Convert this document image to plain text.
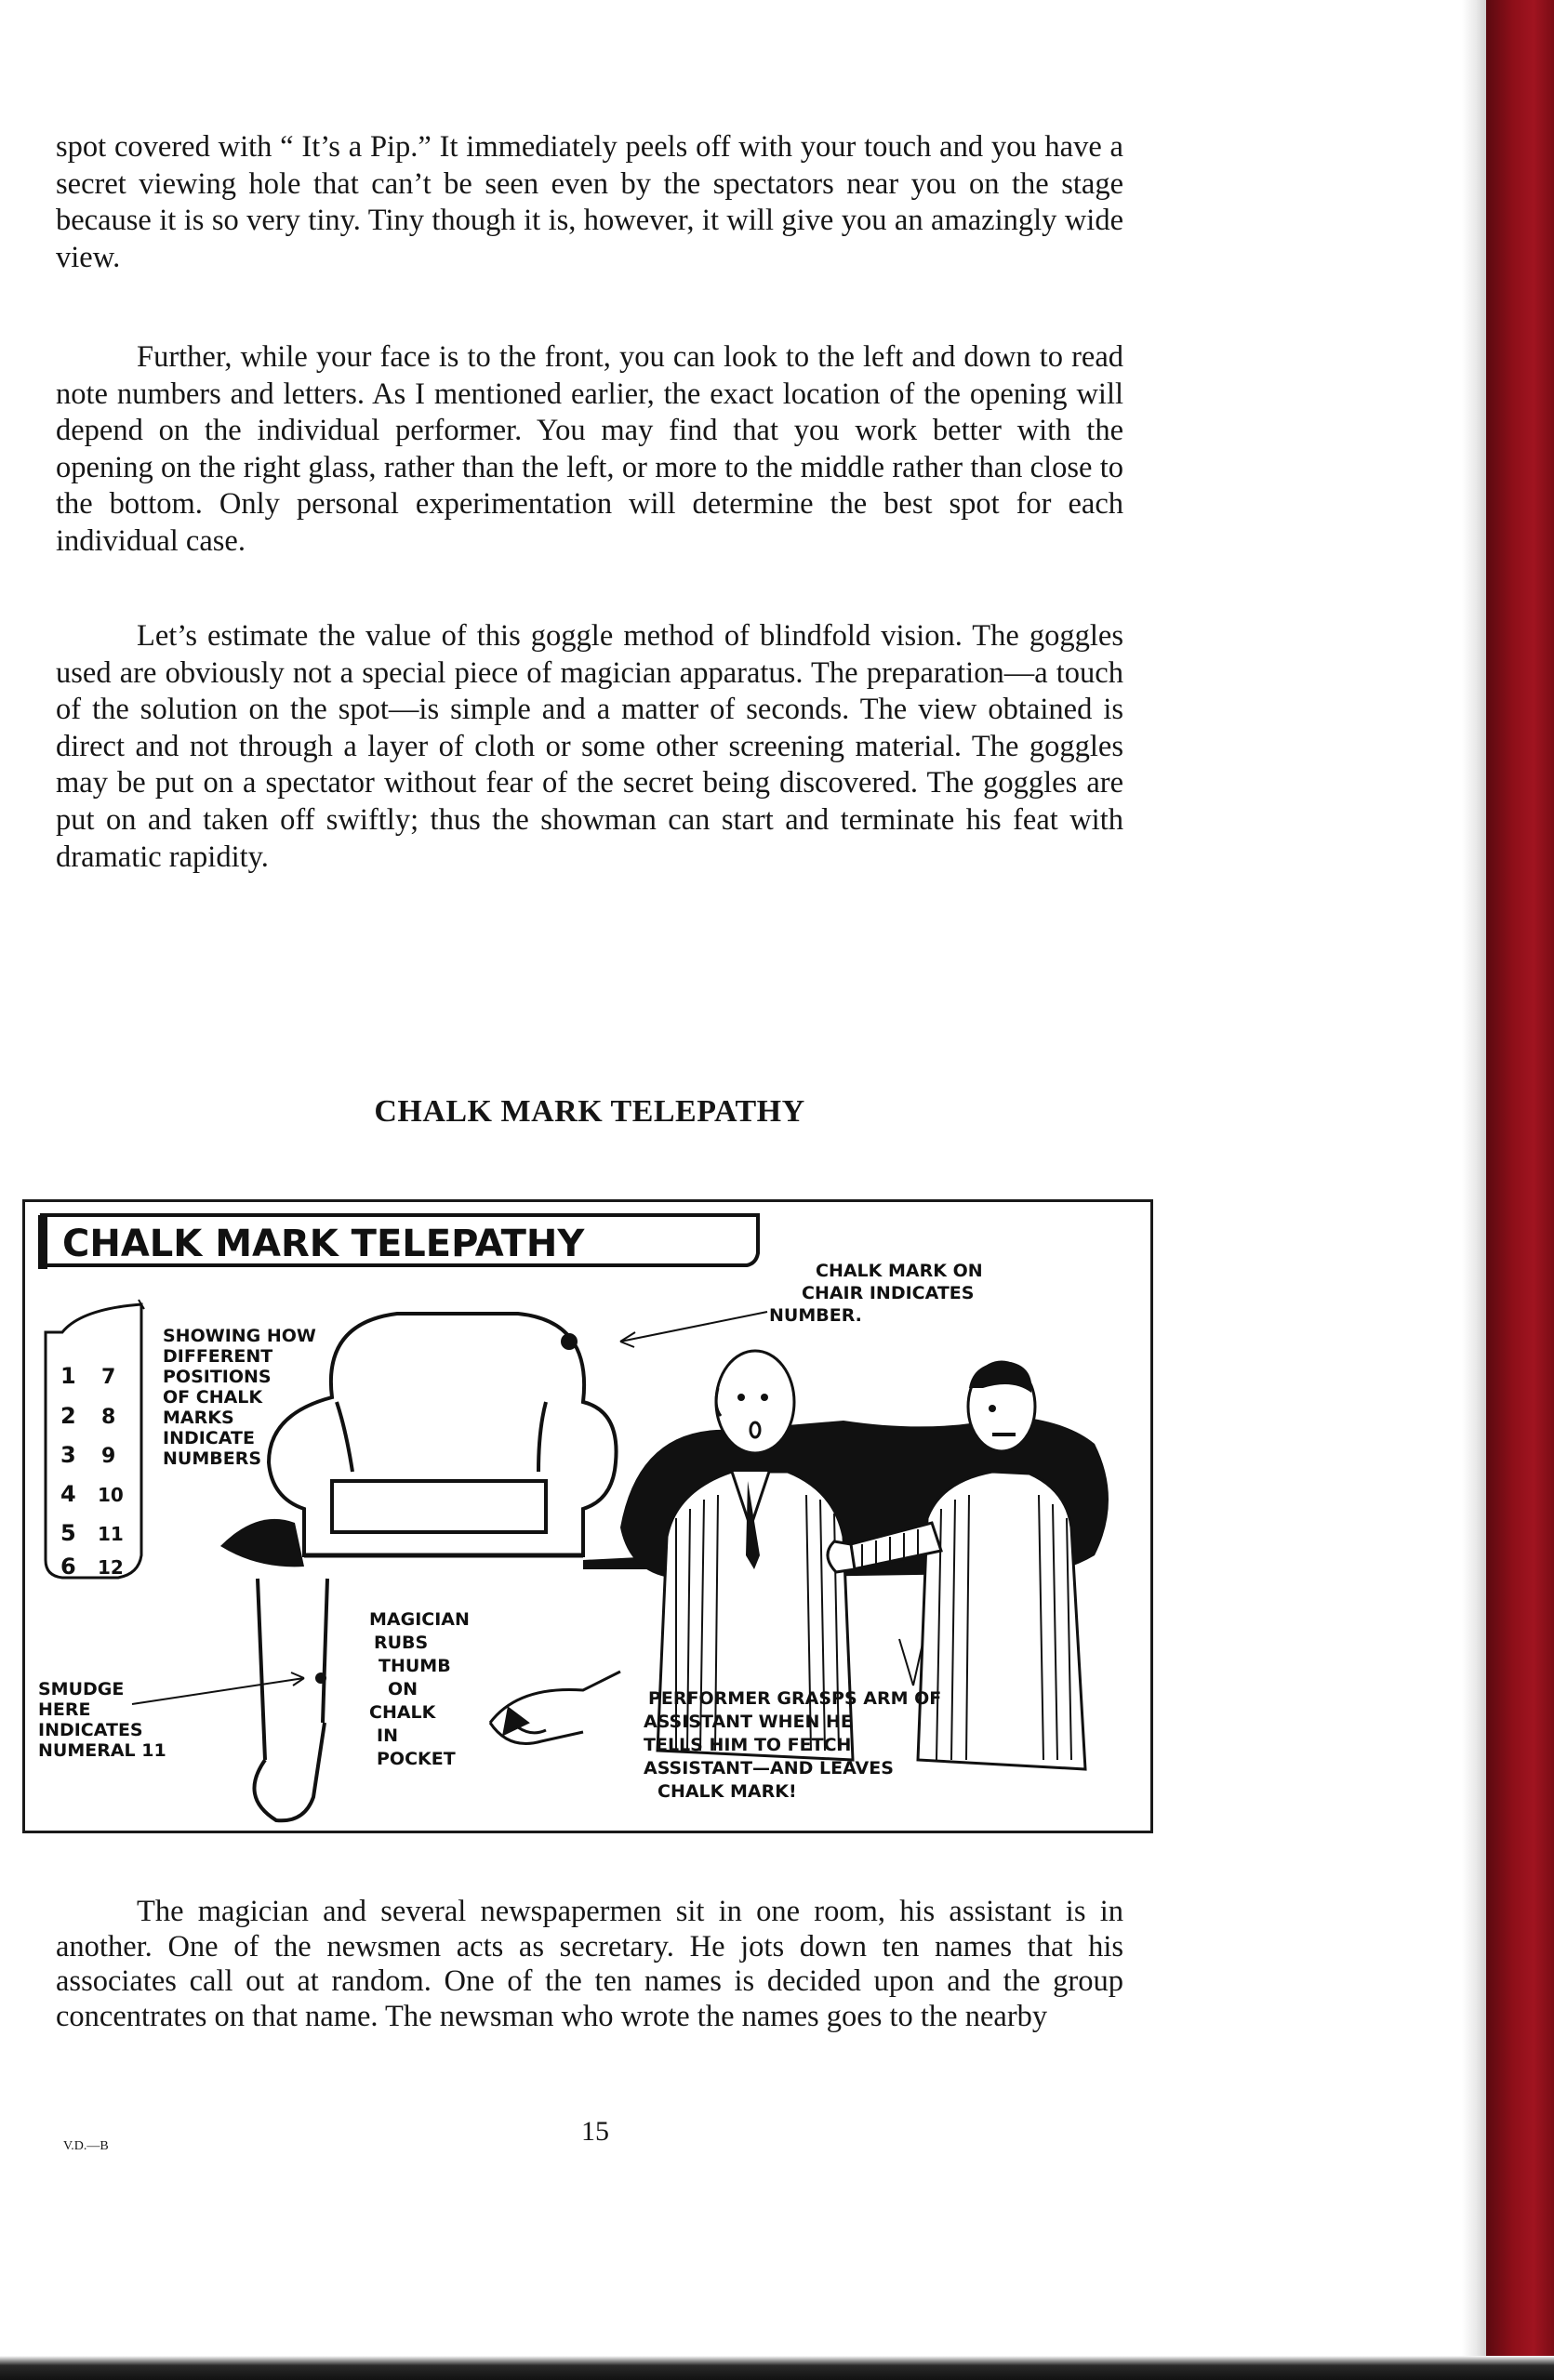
spot covered with “ It’s a Pip.” It immediately peels off with your touch and you have a secret viewing hole that can’t be seen even by the spectators near you on the stage because it is so very tiny. Tiny though it is, however, it will give you an amazingly wide view.

Further, while your face is to the front, you can look to the left and down to read note numbers and letters. As I mentioned earlier, the exact location of the opening will depend on the individual performer. You may find that you work better with the opening on the right glass, rather than the left, or more to the middle rather than close to the bottom. Only personal experimentation will determine the best spot for each individual case.

Let’s estimate the value of this goggle method of blindfold vision. The goggles used are obviously not a special piece of magician apparatus. The preparation—a touch of the solution on the spot—is simple and a matter of seconds. The view obtained is direct and not through a layer of cloth or some other screening material. The goggles may be put on a spectator without fear of the secret being discovered. The goggles are put on and taken off swiftly; thus the showman can start and terminate his feat with dramatic rapidity.

CHALK MARK TELEPATHY
CHALK MARK TELEPATHY
CHALK MARK ON
CHAIR INDICATES
NUMBER.
1
2
3
4
5
6
7
8
9
10
11
12
SHOWING HOW
DIFFERENT
POSITIONS
OF CHALK
MARKS
INDICATE
NUMBERS
SMUDGE
HERE
INDICATES
NUMERAL 11
MAGICIAN
RUBS
THUMB
ON
CHALK
IN
POCKET
PERFORMER GRASPS ARM OF
ASSISTANT WHEN HE
TELLS HIM TO FETCH
ASSISTANT—AND LEAVES
CHALK MARK!

The magician and several newspapermen sit in one room, his assistant is in another. One of the newsmen acts as secretary. He jots down ten names that his associates call out at random. One of the ten names is decided upon and the group concentrates on that name. The newsman who wrote the names goes to the nearby

15
V.D.—B
